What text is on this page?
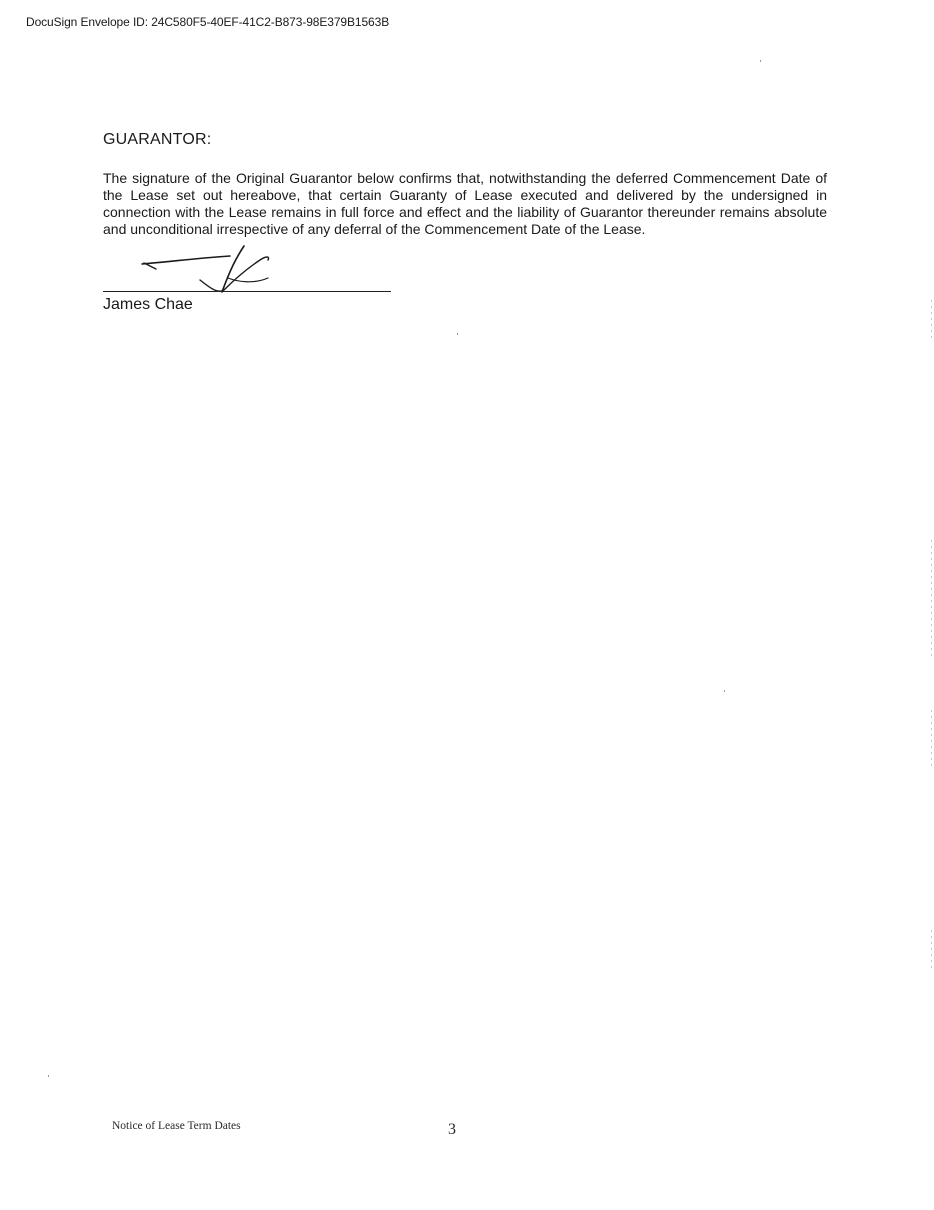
DocuSign Envelope ID: 24C580F5-40EF-41C2-B873-98E379B1563B
GUARANTOR:

The signature of the Original Guarantor below confirms that, notwithstanding the deferred Commencement Date of the Lease set out hereabove, that certain Guaranty of Lease executed and delivered by the undersigned in connection with the Lease remains in full force and effect and the liability of Guarantor thereunder remains absolute and unconditional irrespective of any deferral of the Commencement Date of the Lease.

James Chae
Notice of Lease Term Dates	3
